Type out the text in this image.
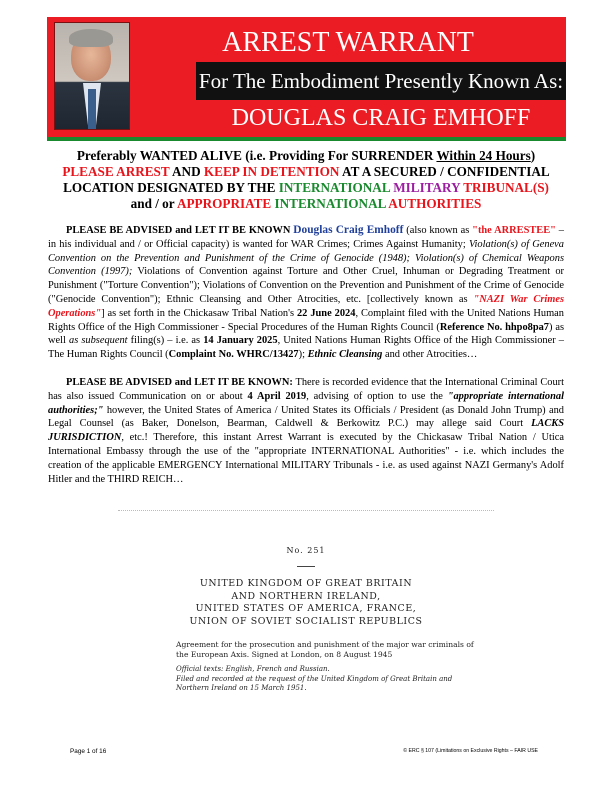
ARREST WARRANT
For The Embodiment Presently Known As:
DOUGLAS CRAIG EMHOFF
Preferably WANTED ALIVE (i.e. Providing For SURRENDER Within 24 Hours)
PLEASE ARREST AND KEEP IN DETENTION AT A SECURED / CONFIDENTIAL
LOCATION DESIGNATED BY THE INTERNATIONAL MILITARY TRIBUNAL(S)
and / or APPROPRIATE INTERNATIONAL AUTHORITIES
PLEASE BE ADVISED and LET IT BE KNOWN Douglas Craig Emhoff (also known as "the ARRESTEE" – in his individual and / or Official capacity) is wanted for WAR Crimes; Crimes Against Humanity; Violation(s) of Geneva Convention on the Prevention and Punishment of the Crime of Genocide (1948); Violation(s) of Chemical Weapons Convention (1997); Violations of Convention against Torture and Other Cruel, Inhuman or Degrading Treatment or Punishment ("Torture Convention"); Violations of Convention on the Prevention and Punishment of the Crime of Genocide ("Genocide Convention"); Ethnic Cleansing and Other Atrocities, etc. [collectively known as "NAZI War Crimes Operations"] as set forth in the Chickasaw Tribal Nation's 22 June 2024, Complaint filed with the United Nations Human Rights Office of the High Commissioner - Special Procedures of the Human Rights Council (Reference No. hhpo8pa7) as well as subsequent filing(s) – i.e. as 14 January 2025, United Nations Human Rights Office of the High Commissioner – The Human Rights Council (Complaint No. WHRC/13427); Ethnic Cleansing and other Atrocities…
PLEASE BE ADVISED and LET IT BE KNOWN: There is recorded evidence that the International Criminal Court has also issued Communication on or about 4 April 2019, advising of option to use the "appropriate international authorities;" however, the United States of America / United States its Officials / President (as Donald John Trump) and Legal Counsel (as Baker, Donelson, Bearman, Caldwell & Berkowitz P.C.) may allege said Court LACKS JURISDICTION, etc.! Therefore, this instant Arrest Warrant is executed by the Chickasaw Tribal Nation / Utica International Embassy through the use of the "appropriate INTERNATIONAL Authorities" - i.e. which includes the creation of the applicable EMERGENCY International MILITARY Tribunals - i.e. as used against NAZI Germany's Adolf Hitler and the THIRD REICH…
No. 251
UNITED KINGDOM OF GREAT BRITAIN
AND NORTHERN IRELAND,
UNITED STATES OF AMERICA, FRANCE,
UNION OF SOVIET SOCIALIST REPUBLICS
Agreement for the prosecution and punishment of the major war criminals of the European Axis. Signed at London, on 8 August 1945
Official texts: English, French and Russian.
Filed and recorded at the request of the United Kingdom of Great Britain and Northern Ireland on 15 March 1951.
Page 1 of 16	© ERC § 107 (Limitations on Exclusive Rights – FAIR USE
